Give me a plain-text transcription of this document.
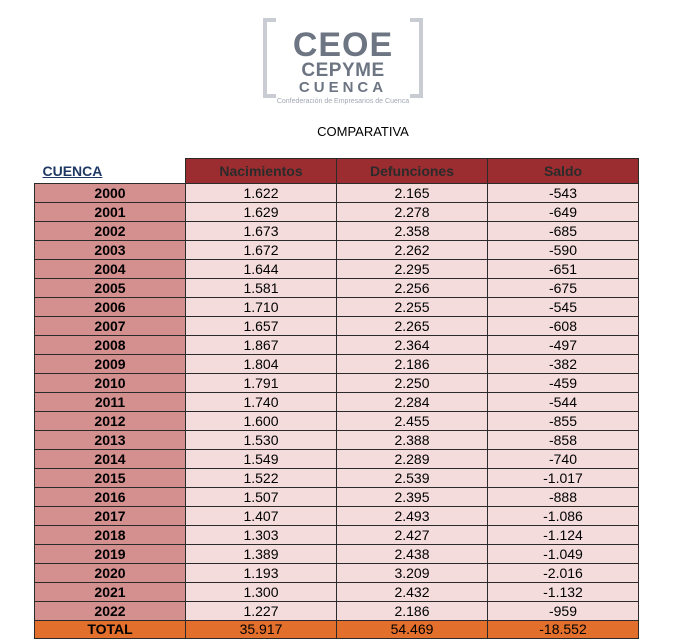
CEOE
CEPYME
CUENCA
Confederación de Empresarios de Cuenca
COMPARATIVA
CUENCA	Nacimientos	Defunciones	Saldo
2000	1.622	2.165	-543
2001	1.629	2.278	-649
2002	1.673	2.358	-685
2003	1.672	2.262	-590
2004	1.644	2.295	-651
2005	1.581	2.256	-675
2006	1.710	2.255	-545
2007	1.657	2.265	-608
2008	1.867	2.364	-497
2009	1.804	2.186	-382
2010	1.791	2.250	-459
2011	1.740	2.284	-544
2012	1.600	2.455	-855
2013	1.530	2.388	-858
2014	1.549	2.289	-740
2015	1.522	2.539	-1.017
2016	1.507	2.395	-888
2017	1.407	2.493	-1.086
2018	1.303	2.427	-1.124
2019	1.389	2.438	-1.049
2020	1.193	3.209	-2.016
2021	1.300	2.432	-1.132
2022	1.227	2.186	-959
TOTAL	35.917	54.469	-18.552
